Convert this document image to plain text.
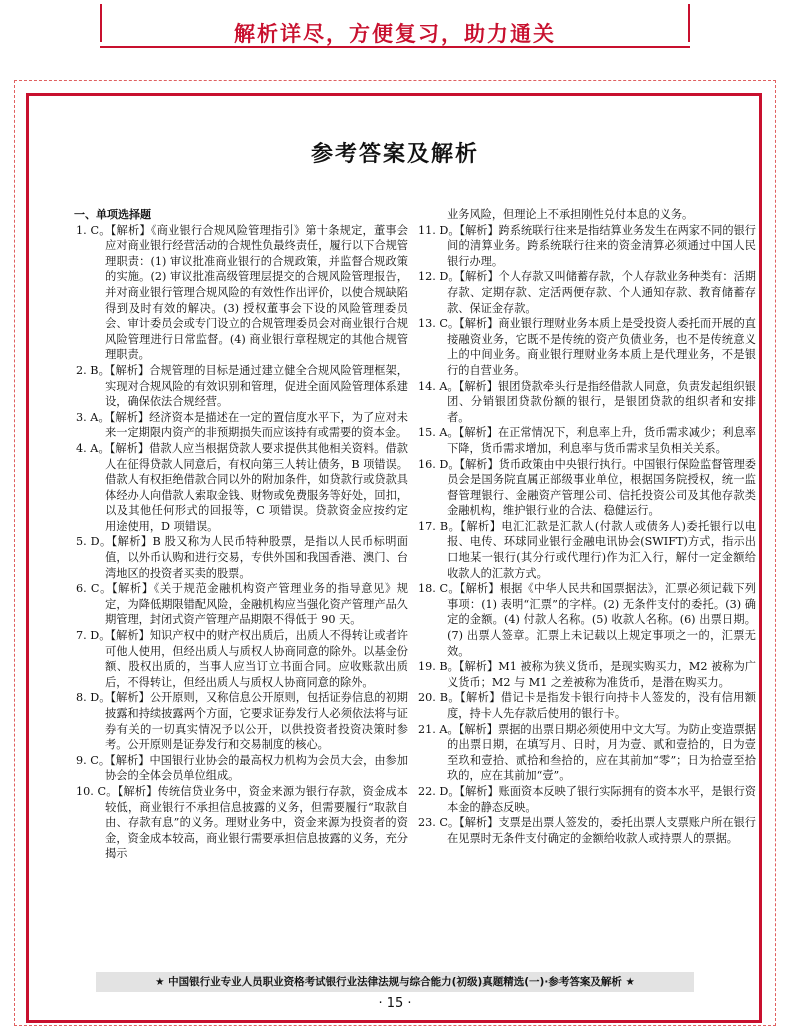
解析详尽，方便复习，助力通关
参考答案及解析

一、单项选择题

1. C。【解析】《商业银行合规风险管理指引》第十条规定，董事会应对商业银行经营活动的合规性负最终责任，履行以下合规管理职责：(1) 审议批准商业银行的合规政策，并监督合规政策的实施。(2) 审议批准高级管理层提交的合规风险管理报告，并对商业银行管理合规风险的有效性作出评价，以使合规缺陷得到及时有效的解决。(3) 授权董事会下设的风险管理委员会、审计委员会或专门设立的合规管理委员会对商业银行合规风险管理进行日常监督。(4) 商业银行章程规定的其他合规管理职责。

2. B。【解析】合规管理的目标是通过建立健全合规风险管理框架，实现对合规风险的有效识别和管理，促进全面风险管理体系建设，确保依法合规经营。

3. A。【解析】经济资本是描述在一定的置信度水平下，为了应对未来一定期限内资产的非预期损失而应该持有或需要的资本金。

4. A。【解析】借款人应当根据贷款人要求提供其他相关资料。借款人在征得贷款人同意后，有权向第三人转让债务，B 项错误。借款人有权拒绝借款合同以外的附加条件，如贷款行或贷款具体经办人向借款人索取金钱、财物或免费服务等好处，回扣，以及其他任何形式的回报等，C 项错误。贷款资金应按约定用途使用，D 项错误。

5. D。【解析】B 股又称为人民币特种股票，是指以人民币标明面值，以外币认购和进行交易，专供外国和我国香港、澳门、台湾地区的投资者买卖的股票。

6. C。【解析】《关于规范金融机构资产管理业务的指导意见》规定，为降低期限错配风险，金融机构应当强化资产管理产品久期管理，封闭式资产管理产品期限不得低于 90 天。

7. D。【解析】知识产权中的财产权出质后，出质人不得转让或者许可他人使用，但经出质人与质权人协商同意的除外。以基金份额、股权出质的，当事人应当订立书面合同。应收账款出质后，不得转让，但经出质人与质权人协商同意的除外。

8. D。【解析】公开原则，又称信息公开原则，包括证券信息的初期披露和持续披露两个方面，它要求证券发行人必须依法将与证券有关的一切真实情况予以公开，以供投资者投资决策时参考。公开原则是证券发行和交易制度的核心。

9. C。【解析】中国银行业协会的最高权力机构为会员大会，由参加协会的全体会员单位组成。

10. C。【解析】传统信贷业务中，资金来源为银行存款，资金成本较低，商业银行不承担信息披露的义务，但需要履行“取款自由、存款有息”的义务。理财业务中，资金来源为投资者的资金，资金成本较高，商业银行需要承担信息披露的义务，充分揭示

业务风险，但理论上不承担刚性兑付本息的义务。

11. D。【解析】跨系统联行往来是指结算业务发生在两家不同的银行间的清算业务。跨系统联行往来的资金清算必须通过中国人民银行办理。

12. D。【解析】个人存款又叫储蓄存款，个人存款业务种类有：活期存款、定期存款、定活两便存款、个人通知存款、教育储蓄存款、保证金存款。

13. C。【解析】商业银行理财业务本质上是受投资人委托而开展的直接融资业务，它既不是传统的资产负债业务，也不是传统意义上的中间业务。商业银行理财业务本质上是代理业务，不是银行的自营业务。

14. A。【解析】银团贷款牵头行是指经借款人同意，负责发起组织银团、分销银团贷款份额的银行，是银团贷款的组织者和安排者。

15. A。【解析】在正常情况下，利息率上升，货币需求减少；利息率下降，货币需求增加，利息率与货币需求呈负相关关系。

16. D。【解析】货币政策由中央银行执行。中国银行保险监督管理委员会是国务院直属正部级事业单位，根据国务院授权，统一监督管理银行、金融资产管理公司、信托投资公司及其他存款类金融机构，维护银行业的合法、稳健运行。

17. B。【解析】电汇汇款是汇款人(付款人或债务人)委托银行以电报、电传、环球同业银行金融电讯协会(SWIFT)方式，指示出口地某一银行(其分行或代理行)作为汇入行，解付一定金额给收款人的汇款方式。

18. C。【解析】根据《中华人民共和国票据法》，汇票必须记载下列事项：(1) 表明“汇票”的字样。(2) 无条件支付的委托。(3) 确定的金额。(4) 付款人名称。(5) 收款人名称。(6) 出票日期。(7) 出票人签章。汇票上未记载以上规定事项之一的，汇票无效。

19. B。【解析】M1 被称为狭义货币，是现实购买力，M2 被称为广义货币；M2 与 M1 之差被称为准货币，是潜在购买力。

20. B。【解析】借记卡是指发卡银行向持卡人签发的，没有信用额度，持卡人先存款后使用的银行卡。

21. A。【解析】票据的出票日期必须使用中文大写。为防止变造票据的出票日期，在填写月、日时，月为壹、贰和壹拾的，日为壹至玖和壹拾、贰拾和叁拾的，应在其前加“零”；日为拾壹至拾玖的，应在其前加“壹”。

22. D。【解析】账面资本反映了银行实际拥有的资本水平，是银行资本金的静态反映。

23. C。【解析】支票是出票人签发的，委托出票人支票账户所在银行在见票时无条件支付确定的金额给收款人或持票人的票据。

★ 中国银行业专业人员职业资格考试银行业法律法规与综合能力(初级)真题精选(一)·参考答案及解析 ★
· 15 ·
